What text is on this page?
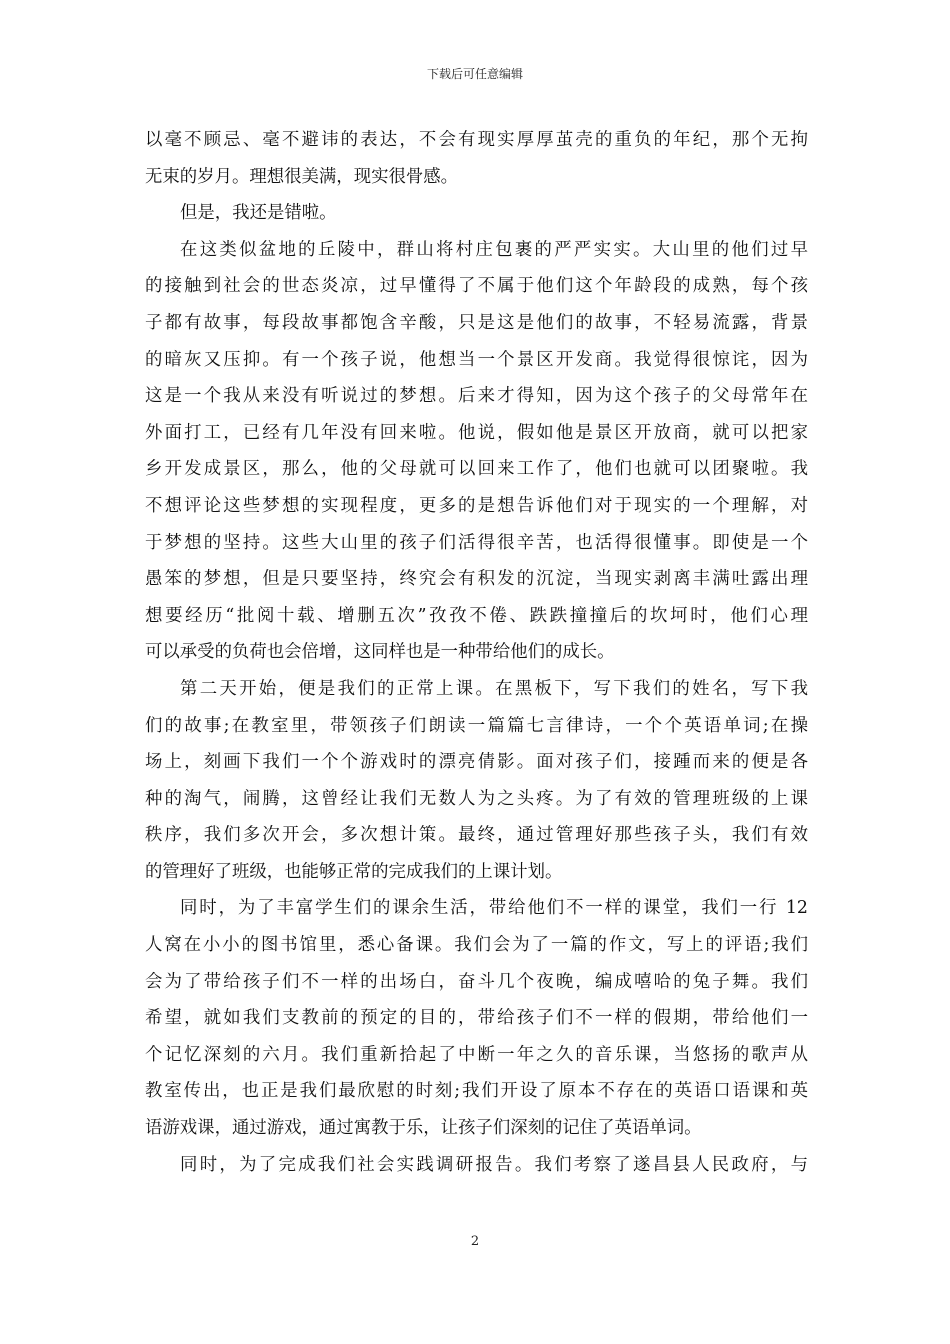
下载后可任意编辑
以毫不顾忌、毫不避讳的表达，不会有现实厚厚茧壳的重负的年纪，那个无拘
无束的岁月。理想很美满，现实很骨感。
但是，我还是错啦。
在这类似盆地的丘陵中，群山将村庄包裹的严严实实。大山里的他们过早
的接触到社会的世态炎凉，过早懂得了不属于他们这个年龄段的成熟，每个孩
子都有故事，每段故事都饱含辛酸，只是这是他们的故事，不轻易流露，背景
的暗灰又压抑。有一个孩子说，他想当一个景区开发商。我觉得很惊诧，因为
这是一个我从来没有听说过的梦想。后来才得知，因为这个孩子的父母常年在
外面打工，已经有几年没有回来啦。他说，假如他是景区开放商，就可以把家
乡开发成景区，那么，他的父母就可以回来工作了，他们也就可以团聚啦。我
不想评论这些梦想的实现程度，更多的是想告诉他们对于现实的一个理解，对
于梦想的坚持。这些大山里的孩子们活得很辛苦，也活得很懂事。即使是一个
愚笨的梦想，但是只要坚持，终究会有积发的沉淀，当现实剥离丰满吐露出理
想要经历“批阅十载、增删五次”孜孜不倦、跌跌撞撞后的坎坷时，他们心理
可以承受的负荷也会倍增，这同样也是一种带给他们的成长。
第二天开始，便是我们的正常上课。在黑板下，写下我们的姓名，写下我
们的故事;在教室里，带领孩子们朗读一篇篇七言律诗，一个个英语单词;在操
场上，刻画下我们一个个游戏时的漂亮倩影。面对孩子们，接踵而来的便是各
种的淘气，闹腾，这曾经让我们无数人为之头疼。为了有效的管理班级的上课
秩序，我们多次开会，多次想计策。最终，通过管理好那些孩子头，我们有效
的管理好了班级，也能够正常的完成我们的上课计划。
同时，为了丰富学生们的课余生活，带给他们不一样的课堂，我们一行 12
人窝在小小的图书馆里，悉心备课。我们会为了一篇的作文，写上的评语;我们
会为了带给孩子们不一样的出场白，奋斗几个夜晚，编成嘻哈的兔子舞。我们
希望，就如我们支教前的预定的目的，带给孩子们不一样的假期，带给他们一
个记忆深刻的六月。我们重新拾起了中断一年之久的音乐课，当悠扬的歌声从
教室传出，也正是我们最欣慰的时刻;我们开设了原本不存在的英语口语课和英
语游戏课，通过游戏，通过寓教于乐，让孩子们深刻的记住了英语单词。
同时，为了完成我们社会实践调研报告。我们考察了遂昌县人民政府，与
2
